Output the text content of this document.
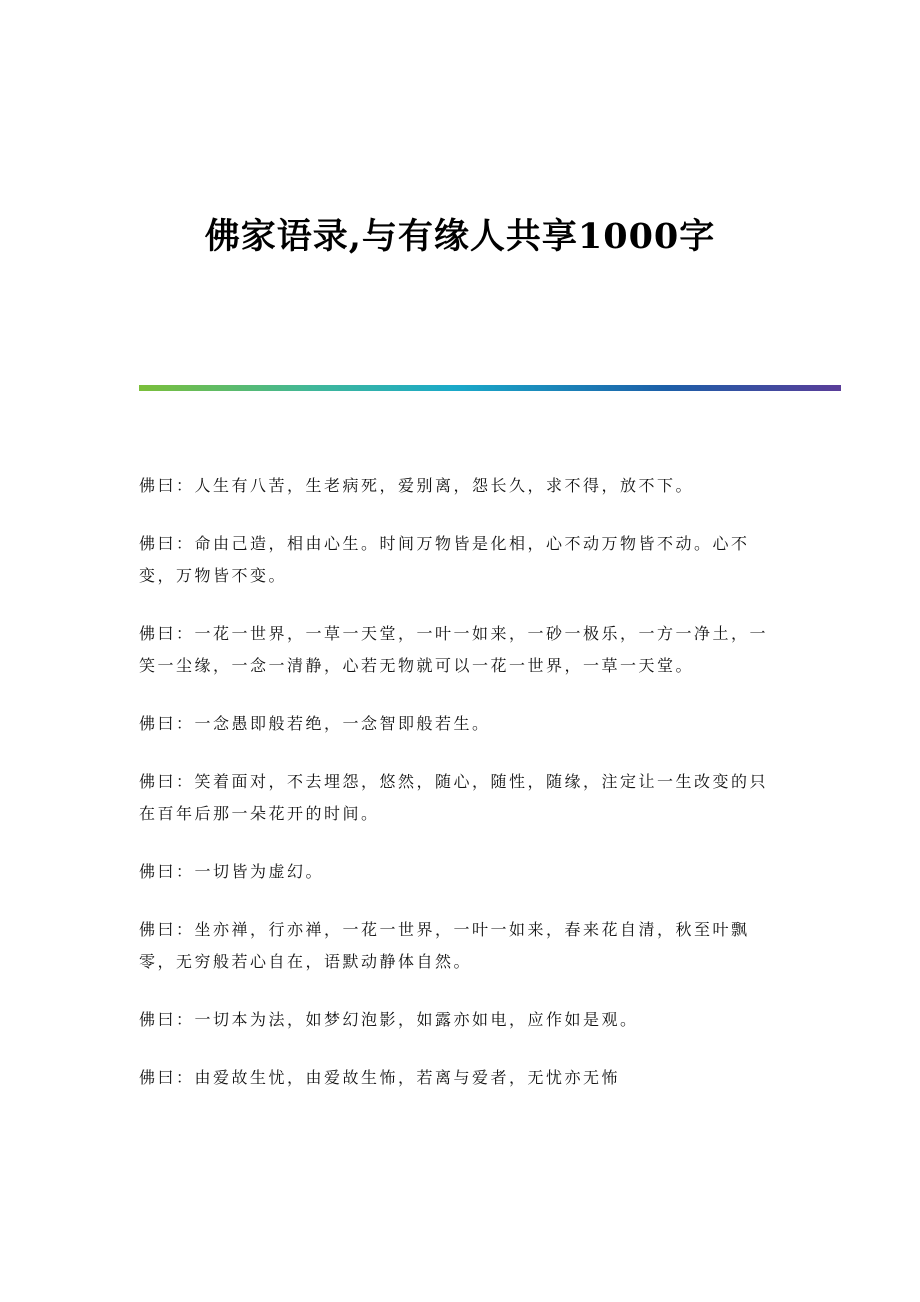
佛家语录,与有缘人共享1000字

佛曰：人生有八苦，生老病死，爱别离，怨长久，求不得，放不下。

佛曰：命由己造，相由心生。时间万物皆是化相，心不动万物皆不动。心不变，万物皆不变。

佛曰：一花一世界，一草一天堂，一叶一如来，一砂一极乐，一方一净土，一笑一尘缘，一念一清静，心若无物就可以一花一世界，一草一天堂。

佛曰：一念愚即般若绝，一念智即般若生。

佛曰：笑着面对，不去埋怨，悠然，随心，随性，随缘，注定让一生改变的只在百年后那一朵花开的时间。

佛曰：一切皆为虚幻。

佛曰：坐亦禅，行亦禅，一花一世界，一叶一如来，春来花自清，秋至叶飘零，无穷般若心自在，语默动静体自然。

佛曰：一切本为法，如梦幻泡影，如露亦如电，应作如是观。

佛曰：由爱故生忧，由爱故生怖，若离与爱者，无忧亦无怖
